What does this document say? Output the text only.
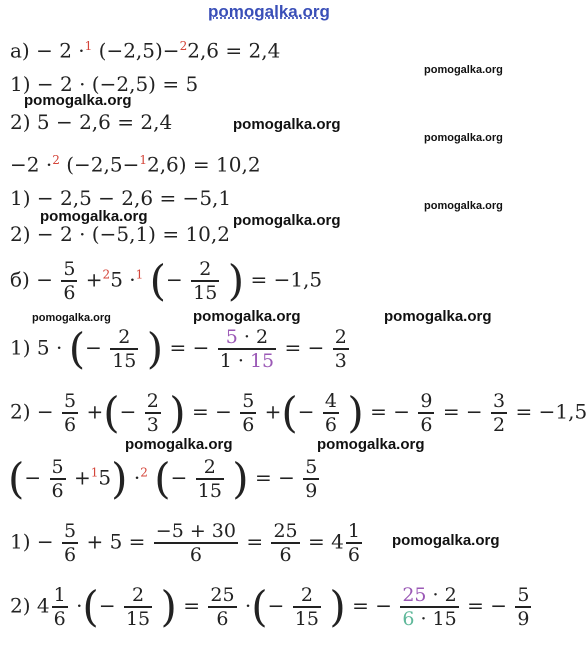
pomogalka.org
pomogalka.org
pomogalka.org
pomogalka.org
pomogalka.org
pomogalka.org
pomogalka.org	pomogalka.org
pomogalka.org	pomogalka.org	pomogalka.org
pomogalka.org	pomogalka.org
pomogalka.org
а) − 2 ·$^1$ (−2,5)−$^2$2,6 = 2,4
1) − 2 · (−2,5) = 5
2) 5 − 2,6 = 2,4
−2 ·$^2$ (−2,5−$^1$2,6) = 10,2
1) − 2,5 − 2,6 = −5,1
2) − 2 · (−5,1) = 10,2
$б) - \frac{5}{6} +^25 \cdot^1$ (− $\frac{2}{15}$ ) = −1,5
1) 5 · (− $\frac{2}{15}$ ) = − $\frac{5 \cdot 2}{1 \cdot 15}$ = − $\frac{2}{3}$
$2) - \frac{5}{6}$ +(− $\frac{2}{3}$ ) = − $\frac{5}{6}$ +(− $\frac{4}{6}$ ) = − $\frac{9}{6}$ = − $\frac{3}{2} = -1,5$
(− $\frac{5}{6} +^15) \cdot^2$ (− $\frac{2}{15}$ ) = − $\frac{5}{9}$
$1) - \frac{5}{6} + 5 = \frac{-5 + 30}{6} = \frac{25}{6} = 4 \frac{1}{6}$
2) $4 \frac{1}{6}$ ·(− $\frac{2}{15}$ ) = $\frac{25}{6}$ ·(− $\frac{2}{15}$ ) = − $\frac{25 \cdot 2}{6 \cdot 15}$ = − $\frac{5}{9}$
